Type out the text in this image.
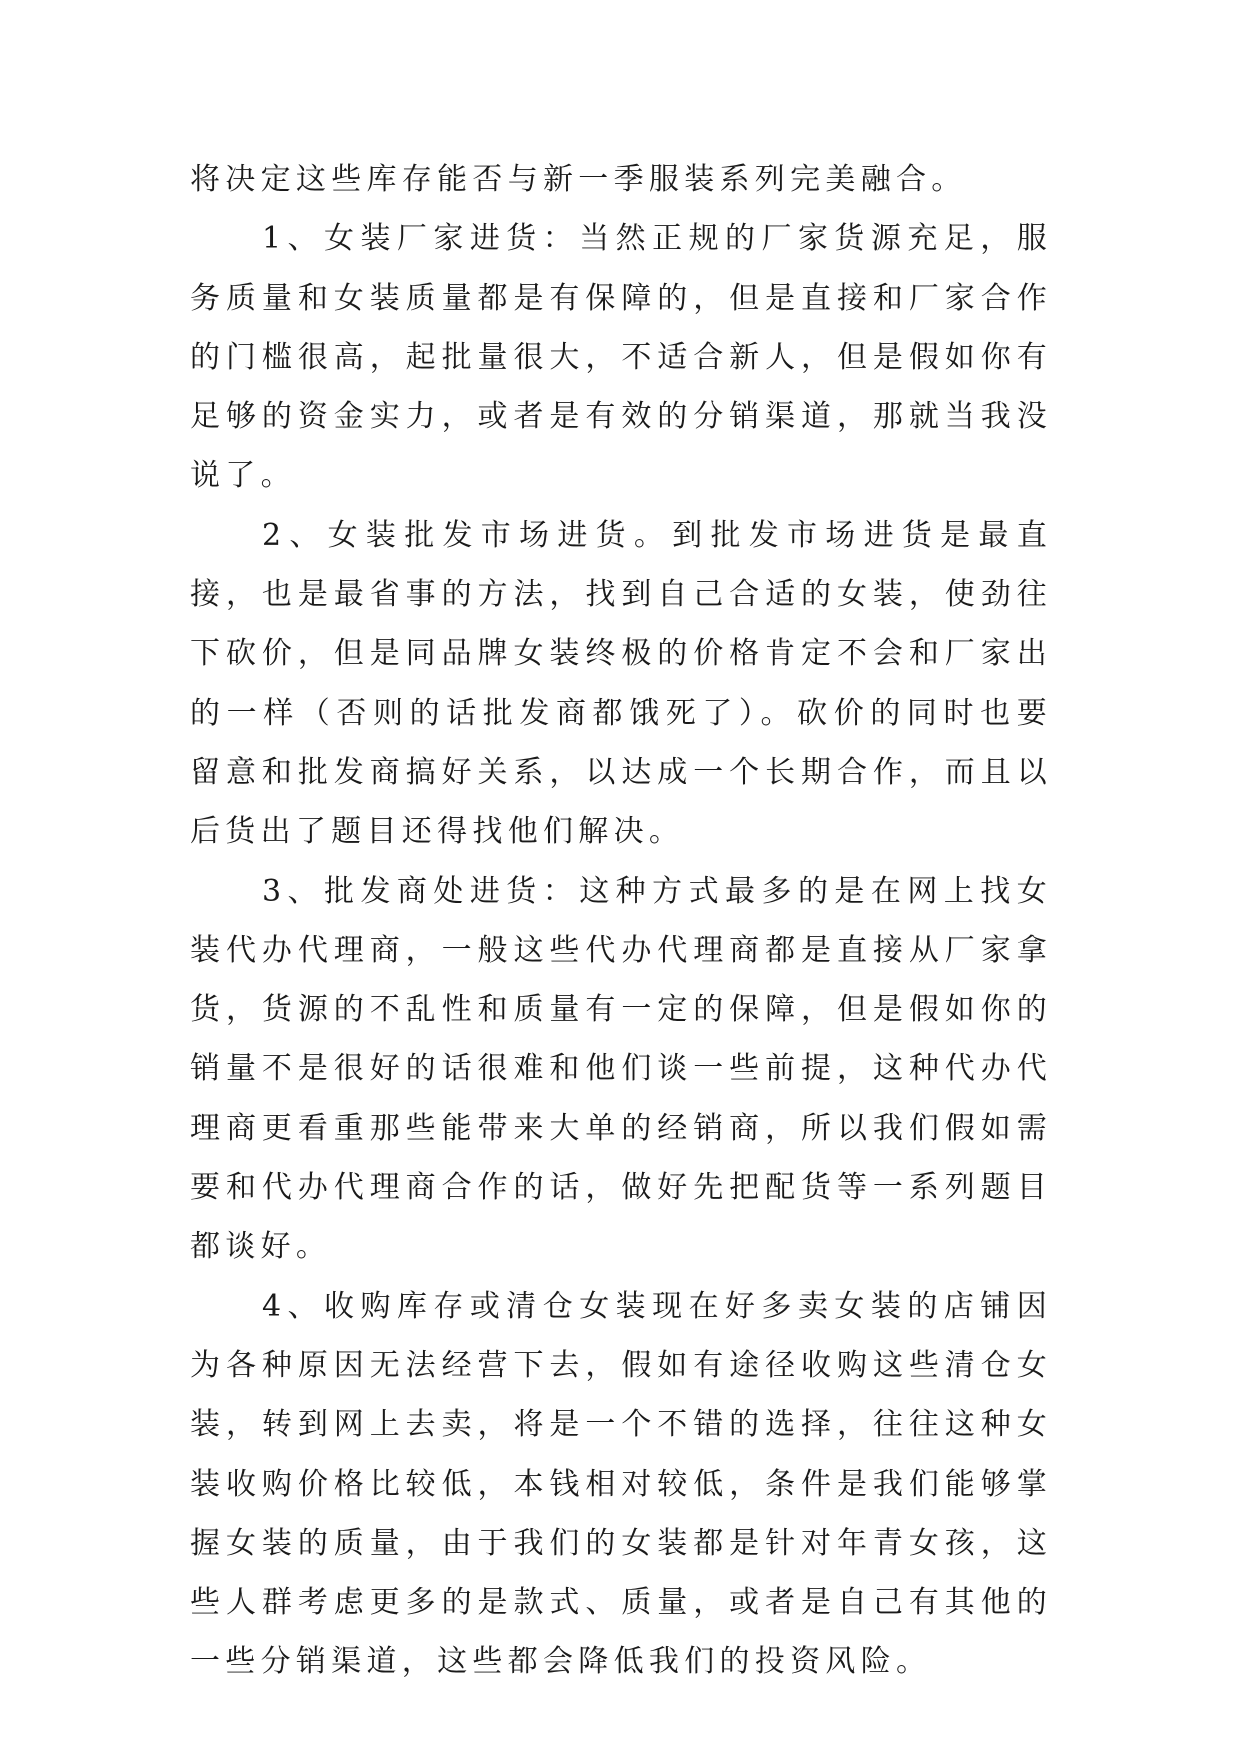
将决定这些库存能否与新一季服装系列完美融合。

1、女装厂家进货：当然正规的厂家货源充足，服务质量和女装质量都是有保障的，但是直接和厂家合作的门槛很高，起批量很大，不适合新人，但是假如你有足够的资金实力，或者是有效的分销渠道，那就当我没说了。

2、女装批发市场进货。到批发市场进货是最直接，也是最省事的方法，找到自己合适的女装，使劲往下砍价，但是同品牌女装终极的价格肯定不会和厂家出的一样（否则的话批发商都饿死了）。砍价的同时也要留意和批发商搞好关系，以达成一个长期合作，而且以后货出了题目还得找他们解决。

3、批发商处进货：这种方式最多的是在网上找女装代办代理商，一般这些代办代理商都是直接从厂家拿货，货源的不乱性和质量有一定的保障，但是假如你的销量不是很好的话很难和他们谈一些前提，这种代办代理商更看重那些能带来大单的经销商，所以我们假如需要和代办代理商合作的话，做好先把配货等一系列题目都谈好。

4、收购库存或清仓女装现在好多卖女装的店铺因为各种原因无法经营下去，假如有途径收购这些清仓女装，转到网上去卖，将是一个不错的选择，往往这种女装收购价格比较低，本钱相对较低，条件是我们能够掌握女装的质量，由于我们的女装都是针对年青女孩，这些人群考虑更多的是款式、质量，或者是自己有其他的一些分销渠道，这些都会降低我们的投资风险。
